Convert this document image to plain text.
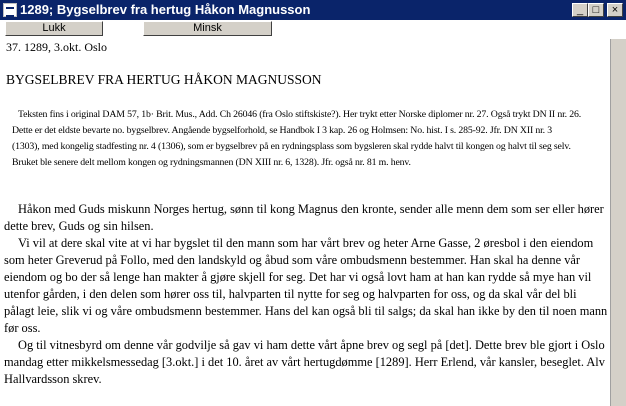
1289; Bygselbrev fra hertug Håkon Magnusson	_ □	×
Lukk	Minsk
37. 1289, 3.okt. Oslo
BYGSELBREV FRA HERTUG HÅKON MAGNUSSON
Teksten fins i original DAM 57, 1b· Brit. Mus., Add. Ch 26046 (fra Oslo stiftskiste?). Her trykt etter Norske diplomer nr. 27. Også trykt DN II nr. 26.
Dette er det eldste bevarte no. bygselbrev. Angående bygselforhold, se Handbok I 3 kap. 26 og Holmsen: No. hist. I s. 285-92. Jfr. DN XII nr. 3
(1303), med kongelig stadfesting nr. 4 (1306), som er bygselbrev på en rydningsplass som bygsleren skal rydde halvt til kongen og halvt til seg selv.
Bruket ble senere delt mellom kongen og rydningsmannen (DN XIII nr. 6, 1328). Jfr. også nr. 81 m. henv.

Håkon med Guds miskunn Norges hertug, sønn til kong Magnus den kronte, sender alle menn dem som ser eller hører dette brev, Guds og sin hilsen.

Vi vil at dere skal vite at vi har bygslet til den mann som har vårt brev og heter Arne Gasse, 2 øresbol i den eiendom som heter Greverud på Follo, med den landskyld og åbud som våre ombudsmenn bestemmer. Han skal ha denne vår eiendom og bo der så lenge han makter å gjøre skjell for seg. Det har vi også lovt ham at han kan rydde så mye han vil utenfor gården, i den delen som hører oss til, halvparten til nytte for seg og halvparten for oss, og da skal vår del bli pålagt leie, slik vi og våre ombudsmenn bestemmer. Hans del kan også bli til salgs; da skal han ikke by den til noen mann før oss.

Og til vitnesbyrd om denne vår godvilje så gav vi ham dette vårt åpne brev og segl på [det]. Dette brev ble gjort i Oslo mandag etter mikkelsmessedag [3.okt.] i det 10. året av vårt hertugdømme [1289]. Herr Erlend, vår kansler, beseglet. Alv Hallvardsson skrev.
